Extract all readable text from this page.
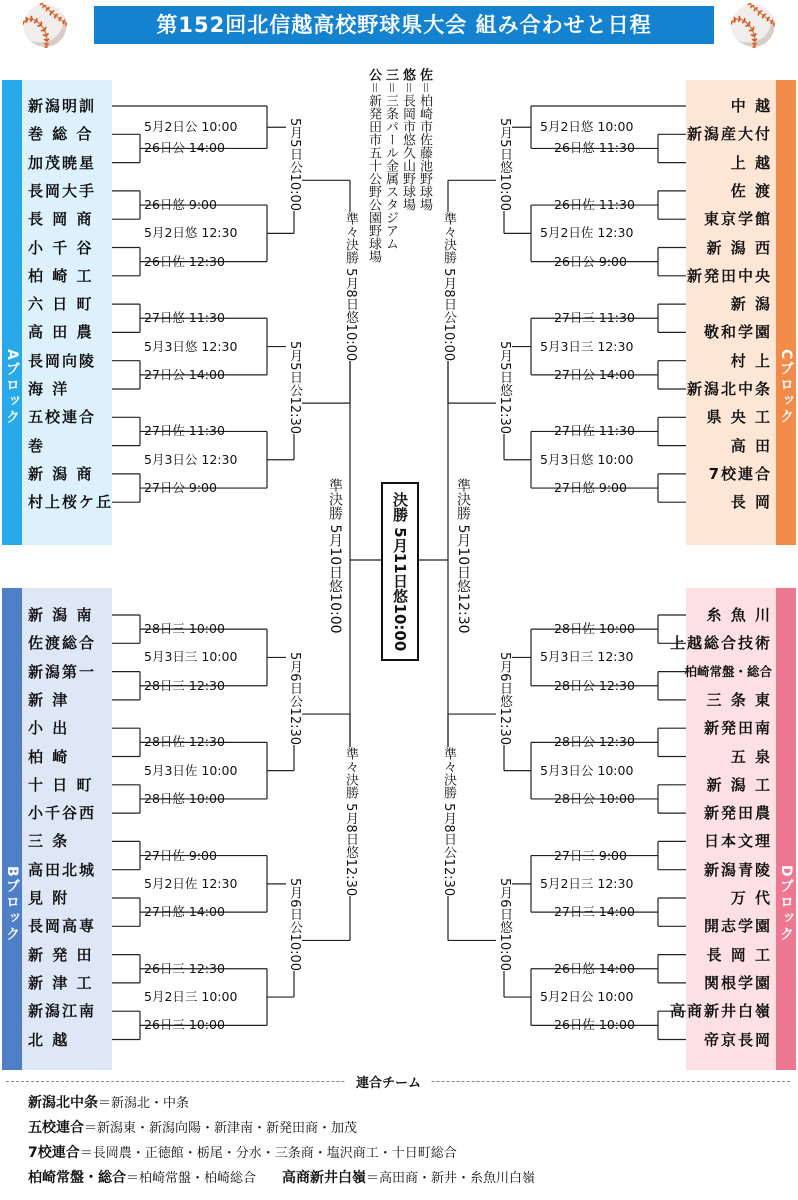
⚾	⚾
第152回北信越高校野球県大会 組み合わせと日程
佐＝柏崎市佐藤池野球場
悠＝長岡市悠久山野球場
三＝三条パール金属スタジアム
公＝新発田市五十公野公園野球場
Aブロック
新潟明訓
巻 総 合
加茂暁星
長岡大手
長 岡 商
小 千 谷
柏 崎 工
六 日 町
高 田 農
長岡向陵
海 洋
五校連合
巻
新 潟 商
村上桜ケ丘
Bブロック
新 潟 南
佐渡総合
新潟第一
新 津
小 出
柏 崎
十 日 町
小千谷西
三 条
高田北城
見 附
長岡高専
新 発 田
新 津 工
新潟江南
北 越
Cブロック
中 越
新潟産大付
上 越
佐 渡
東京学館
新 潟 西
新発田中央
新 潟
敬和学園
村 上
新潟北中条
県 央 工
高 田
7校連合
長 岡
Dブロック
糸 魚 川
上越総合技術
柏崎常盤・総合
三 条 東
新発田南
五 泉
新 潟 工
新発田農
日本文理
新潟青陵
万 代
開志学園
長 岡 工
関根学園
高商新井白嶺
帝京長岡
26日公 14:00
5月2日公 10:00
26日悠 9:00
5月2日悠 12:30
26日佐 12:30
27日悠 11:30
5月3日悠 12:30
27日公 14:00
27日佐 11:30
5月3日公 12:30
27日公 9:00
5月5日公10:00
5月5日公12:30
準々決勝 5月8日悠10:00
28日三 10:00
5月3日三 10:00
28日三 12:30
28日佐 12:30
5月3日佐 10:00
28日悠 10:00
27日佐 9:00
5月2日佐 12:30
27日悠 14:00
26日三 12:30
5月2日三 10:00
26日三 10:00
5月6日公12:30
5月6日公10:00
準々決勝 5月8日悠12:30
26日悠 11:30
5月2日悠 10:00
26日佐 11:30
5月2日佐 12:30
26日公 9:00
27日三 11:30
5月3日三 12:30
27日公 14:00
27日佐 11:30
5月3日悠 10:00
27日悠 9:00
5月5日悠10:00
5月5日悠12:30
準々決勝 5月8日公10:00
28日佐 10:00
5月3日三 12:30
28日公 12:30
28日公 12:30
5月3日公 10:00
28日公 10:00
27日三 9:00
5月2日三 12:30
27日三 14:00
26日悠 14:00
5月2日公 10:00
26日佐 10:00
5月6日悠12:30
5月6日悠10:00
準々決勝 5月8日公12:30
準決勝 5月10日悠10:00	準決勝 5月10日悠12:30
決勝 5月11日悠10:00
連合チーム
新潟北中条＝新潟北・中条
五校連合＝新潟東・新潟向陽・新津南・新発田商・加茂
7校連合＝長岡農・正徳館・栃尾・分水・三条商・塩沢商工・十日町総合
柏崎常盤・総合＝柏崎常盤・柏崎総合　　 高商新井白嶺＝高田商・新井・糸魚川白嶺
